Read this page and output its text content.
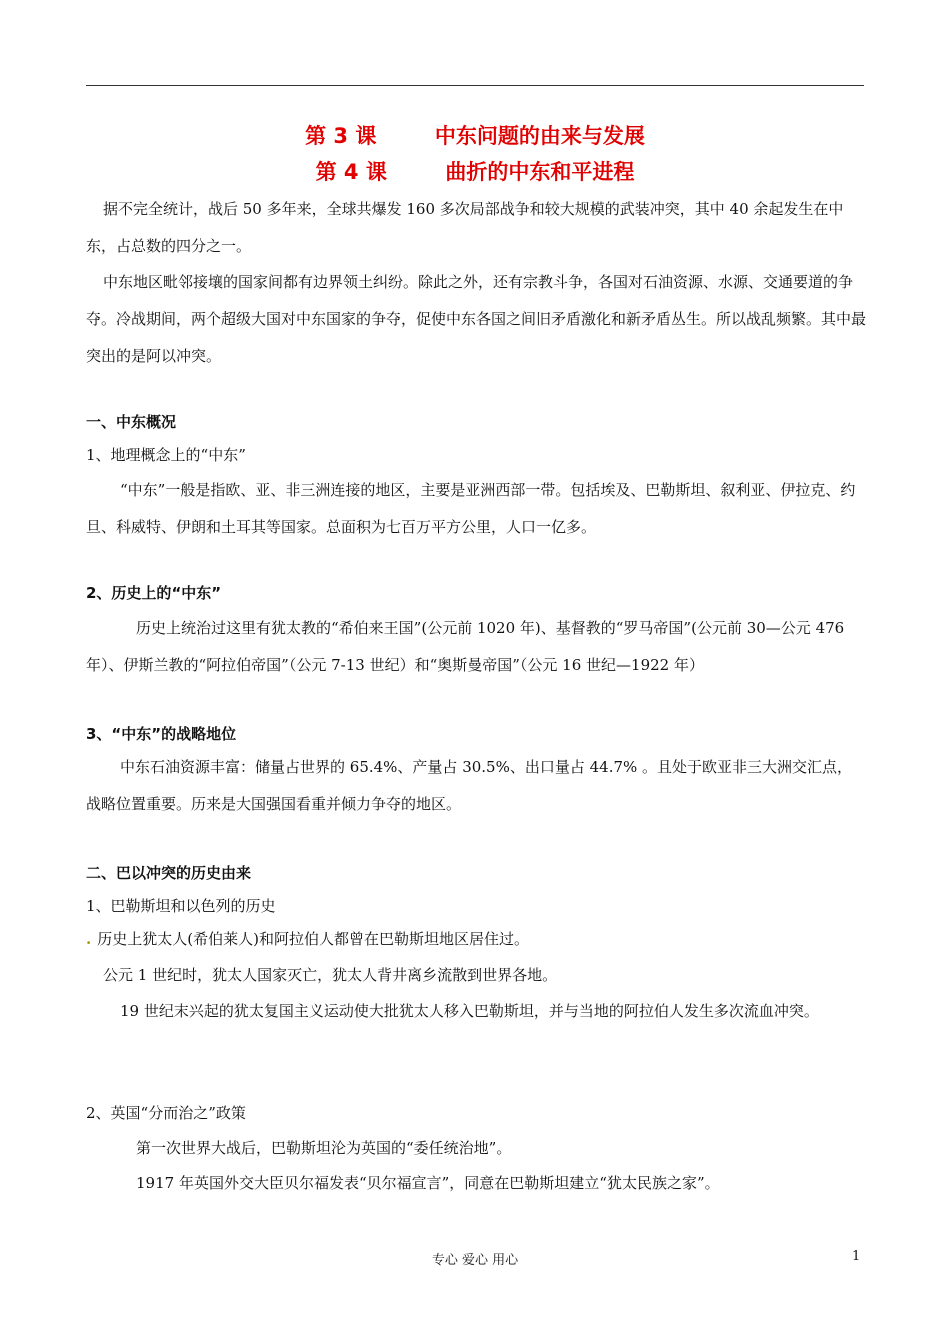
第 3 课        中东问题的由来与发展
第 4 课        曲折的中东和平进程
据不完全统计，战后 50 多年来，全球共爆发 160 多次局部战争和较大规模的武装冲突，其中 40 余起发生在中东，占总数的四分之一。
中东地区毗邻接壤的国家间都有边界领土纠纷。除此之外，还有宗教斗争，各国对石油资源、水源、交通要道的争夺。冷战期间，两个超级大国对中东国家的争夺，促使中东各国之间旧矛盾激化和新矛盾丛生。所以战乱频繁。其中最突出的是阿以冲突。
一、中东概况
1、地理概念上的“中东”
“中东”一般是指欧、亚、非三洲连接的地区，主要是亚洲西部一带。包括埃及、巴勒斯坦、叙利亚、伊拉克、约旦、科威特、伊朗和土耳其等国家。总面积为七百万平方公里，人口一亿多。
2、历史上的“中东”
历史上统治过这里有犹太教的“希伯来王国”(公元前 1020 年)、基督教的“罗马帝国”(公元前 30—公元 476 年）、伊斯兰教的“阿拉伯帝国”（公元 7-13 世纪）和“奥斯曼帝国”（公元 16 世纪—1922 年）
3、“中东”的战略地位
中东石油资源丰富：储量占世界的 65.4%、产量占 30.5%、出口量占 44.7% 。且处于欧亚非三大洲交汇点，战略位置重要。历来是大国强国看重并倾力争夺的地区。
二、巴以冲突的历史由来
1、巴勒斯坦和以色列的历史
. 历史上犹太人(希伯莱人)和阿拉伯人都曾在巴勒斯坦地区居住过。
公元 1 世纪时，犹太人国家灭亡，犹太人背井离乡流散到世界各地。
19 世纪末兴起的犹太复国主义运动使大批犹太人移入巴勒斯坦，并与当地的阿拉伯人发生多次流血冲突。
2、英国“分而治之”政策
第一次世界大战后，巴勒斯坦沦为英国的“委任统治地”。
1917 年英国外交大臣贝尔福发表“贝尔福宣言”，同意在巴勒斯坦建立“犹太民族之家”。
专心 爱心 用心	1
